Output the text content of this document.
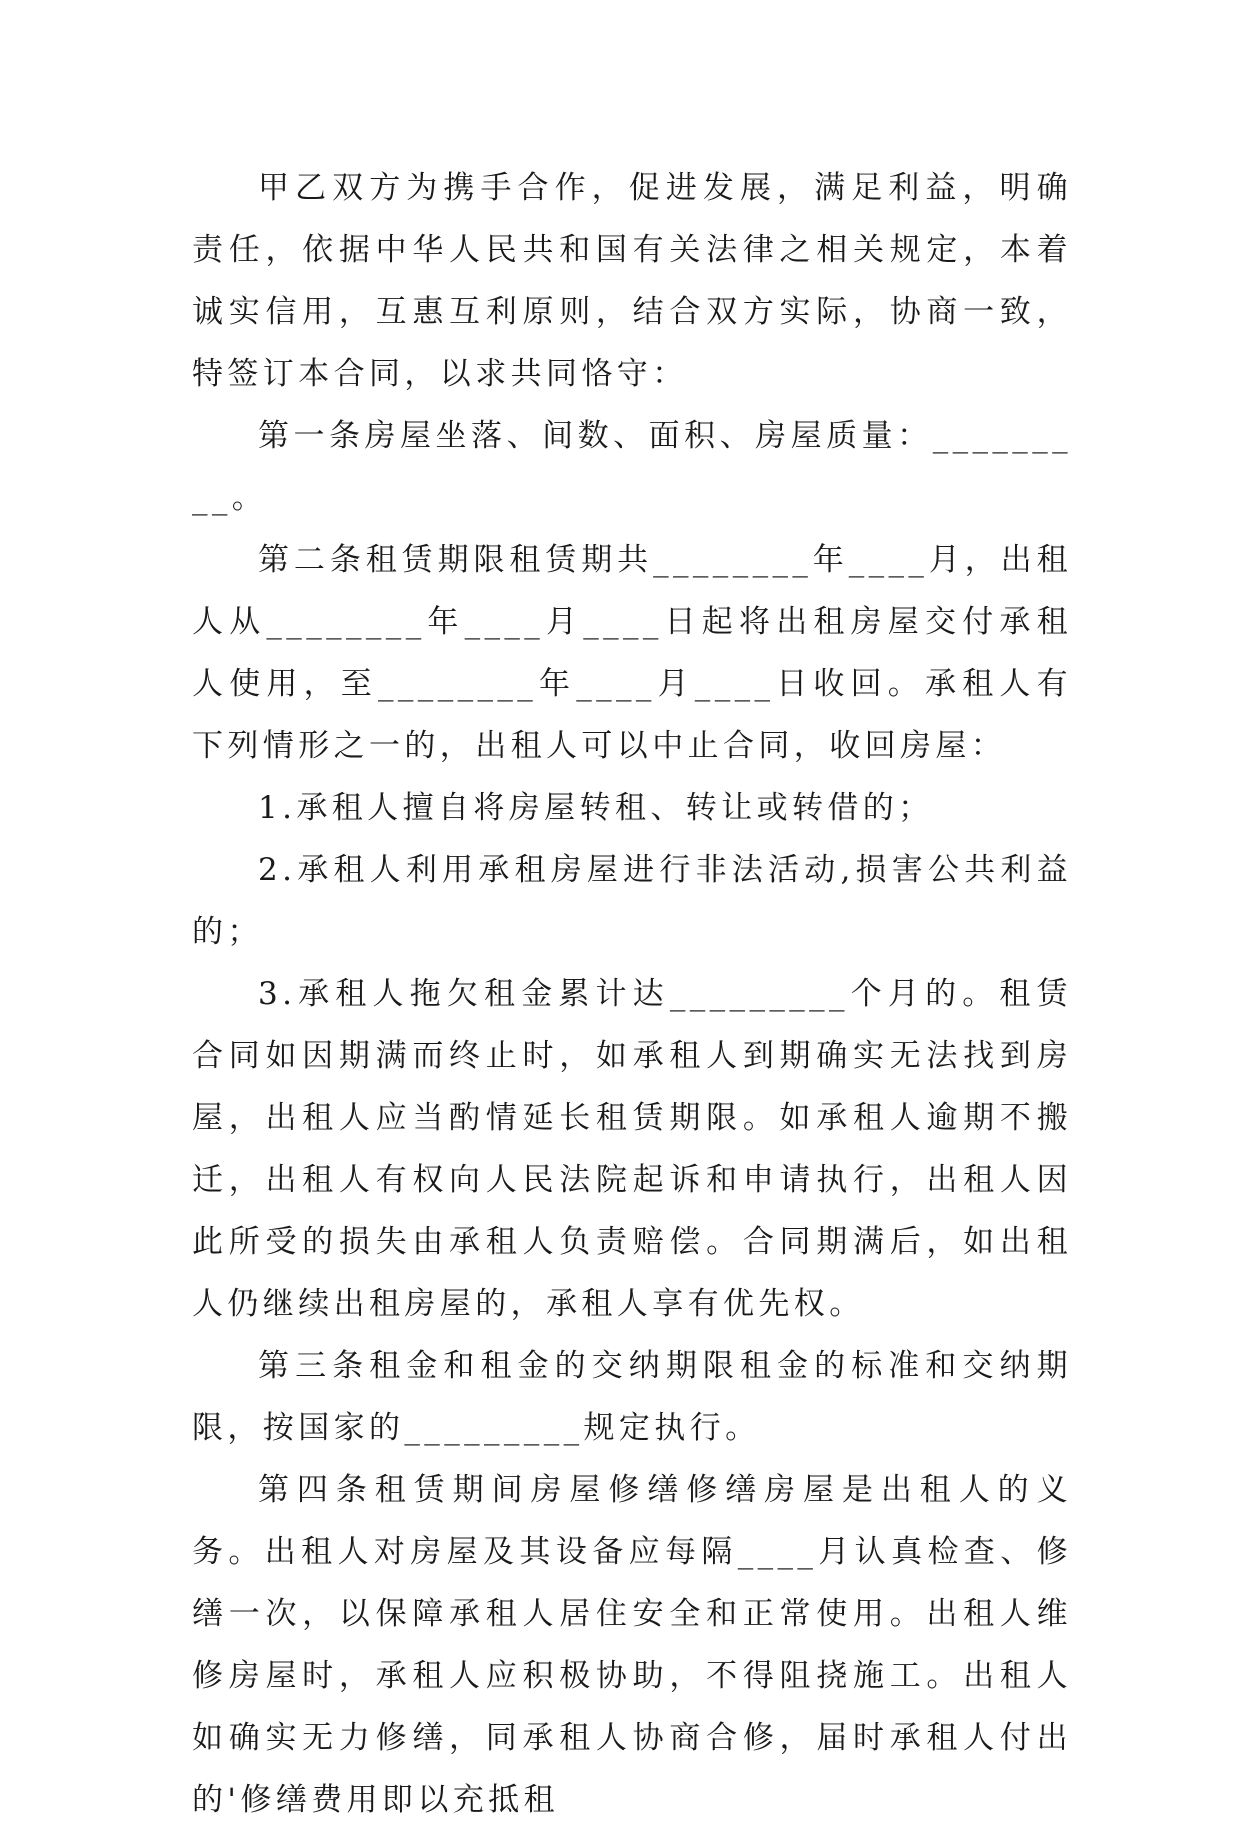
甲乙双方为携手合作，促进发展，满足利益，明确责任，依据中华人民共和国有关法律之相关规定，本着诚实信用，互惠互利原则，结合双方实际，协商一致，特签订本合同，以求共同恪守：

第一条房屋坐落、间数、面积、房屋质量：_________。

第二条租赁期限租赁期共________年____月，出租人从________年____月____日起将出租房屋交付承租人使用，至________年____月____日收回。承租人有下列情形之一的，出租人可以中止合同，收回房屋：

1.承租人擅自将房屋转租、转让或转借的；

2.承租人利用承租房屋进行非法活动,损害公共利益的；

3.承租人拖欠租金累计达_________个月的。租赁合同如因期满而终止时，如承租人到期确实无法找到房屋，出租人应当酌情延长租赁期限。如承租人逾期不搬迁，出租人有权向人民法院起诉和申请执行，出租人因此所受的损失由承租人负责赔偿。合同期满后，如出租人仍继续出租房屋的，承租人享有优先权。

第三条租金和租金的交纳期限租金的标准和交纳期限，按国家的_________规定执行。

第四条租赁期间房屋修缮修缮房屋是出租人的义务。出租人对房屋及其设备应每隔____月认真检查、修缮一次，以保障承租人居住安全和正常使用。出租人维修房屋时，承租人应积极协助，不得阻挠施工。出租人如确实无力修缮，同承租人协商合修，届时承租人付出的'修缮费用即以充抵租
